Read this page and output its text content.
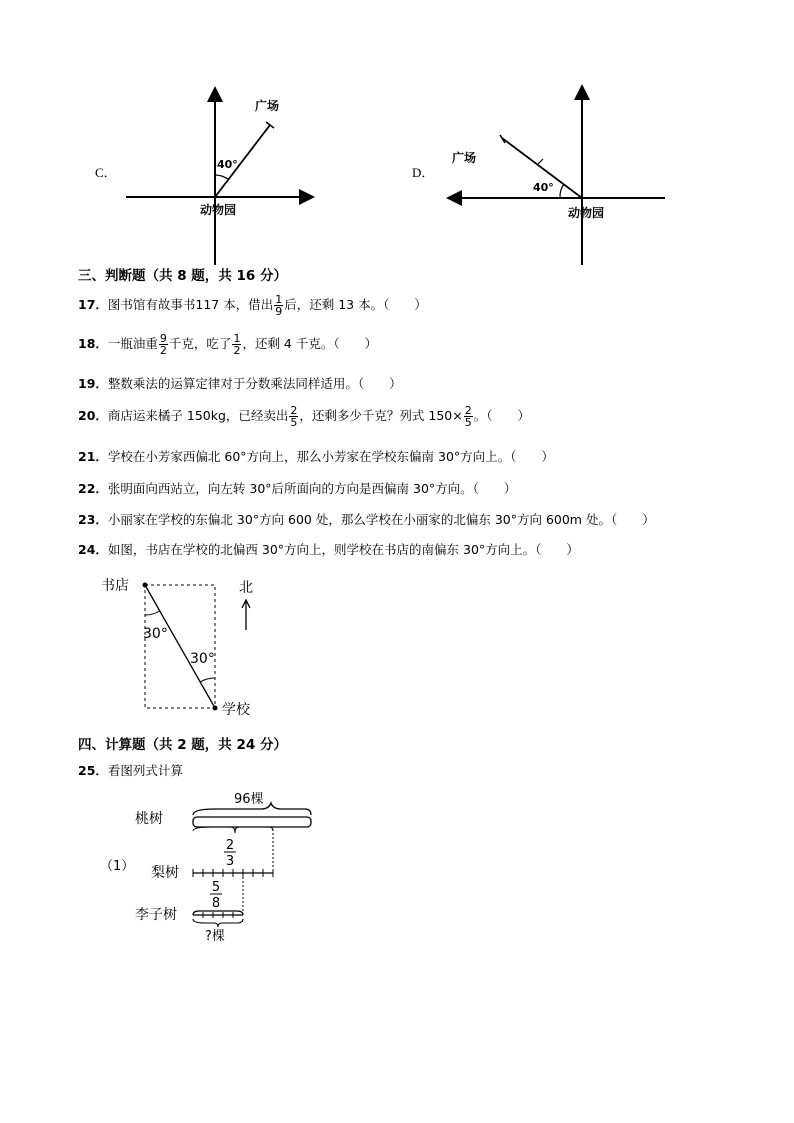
C．
广场
40°
动物园
D．
广场
40°
动物园
三、判断题（共 8 题，共 16 分）
17．图书馆有故事书117 本，借出 $\frac{1}{9}$ 后，还剩 13 本。（　　）
18．一瓶油重 $\frac{9}{2}$ 千克，吃了 $\frac{1}{2}$ ，还剩 4 千克。（　　）
19．整数乘法的运算定律对于分数乘法同样适用。（　　）
20．商店运来橘子 150kg，已经卖出 $\frac{2}{5}$ ，还剩多少千克？列式 $150\times \frac{2}{5}$ 。（　　）
21．学校在小芳家西偏北 60°方向上，那么小芳家在学校东偏南 30°方向上。（　　）
22．张明面向西站立，向左转 30°后所面向的方向是西偏南 30°方向。（　　）
23．小丽家在学校的东偏北 30°方向 600 处，那么学校在小丽家的北偏东 30°方向 600m 处。（　　）
24．如图，书店在学校的北偏西 30°方向上，则学校在书店的南偏东 30°方向上。（　　）
书店
学校
30°
30°
北
四、计算题（共 2 题，共 24 分）
25．看图列式计算
（1）
桃树
96棵
2
3
梨树
5
8
李子树
?棵
